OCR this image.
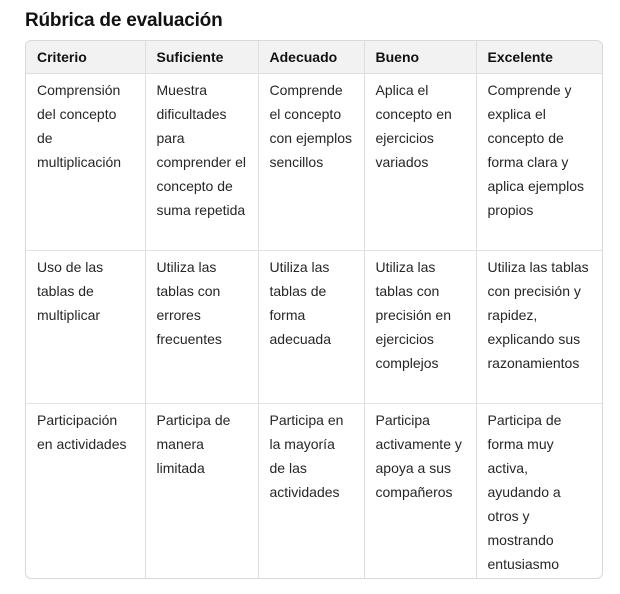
Rúbrica de evaluación
Criterio	Suficiente	Adecuado	Bueno	Excelente
Comprensión del concepto de multiplicación	Muestra dificultades para comprender el concepto de suma repetida	Comprende el concepto con ejemplos sencillos	Aplica el concepto en ejercicios variados	Comprende y explica el concepto de forma clara y aplica ejemplos propios
Uso de las tablas de multiplicar	Utiliza las tablas con errores frecuentes	Utiliza las tablas de forma adecuada	Utiliza las tablas con precisión en ejercicios complejos	Utiliza las tablas con precisión y rapidez, explicando sus razonamientos
Participación en actividades	Participa de manera limitada	Participa en la mayoría de las actividades	Participa activamente y apoya a sus compañeros	Participa de forma muy activa, ayudando a otros y mostrando entusiasmo
